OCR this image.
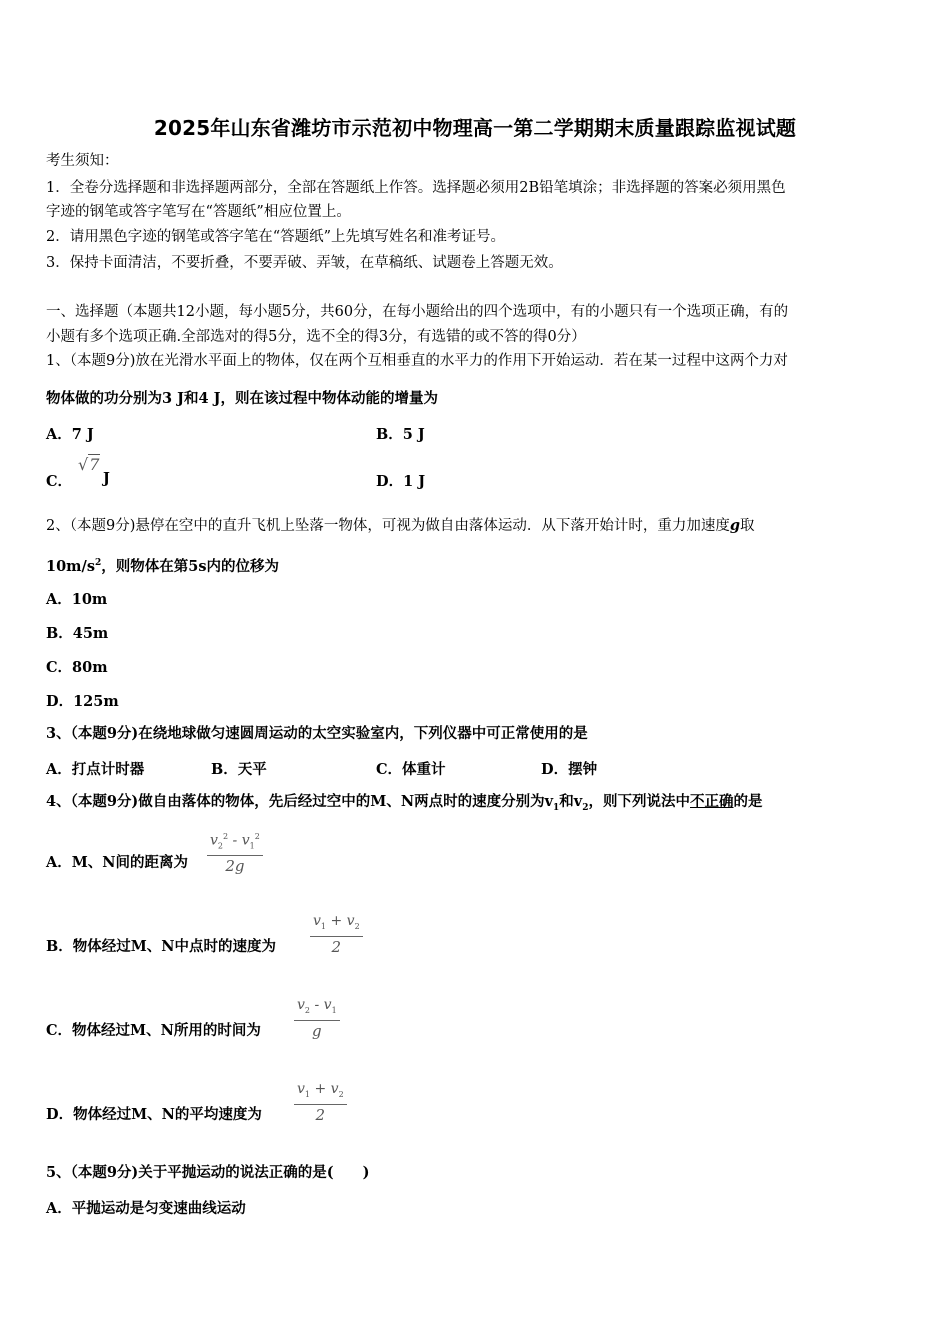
2025年山东省潍坊市示范初中物理高一第二学期期末质量跟踪监视试题
考生须知：
1．全卷分选择题和非选择题两部分，全部在答题纸上作答。选择题必须用2B铅笔填涂；非选择题的答案必须用黑色
字迹的钢笔或答字笔写在“答题纸”相应位置上。
2．请用黑色字迹的钢笔或答字笔在“答题纸”上先填写姓名和准考证号。
3．保持卡面清洁，不要折叠，不要弄破、弄皱，在草稿纸、试题卷上答题无效。
一、选择题（本题共12小题，每小题5分，共60分，在每小题给出的四个选项中，有的小题只有一个选项正确，有的
小题有多个选项正确.全部选对的得5分，选不全的得3分，有选错的或不答的得0分）
1、（本题9分)放在光滑水平面上的物体，仅在两个互相垂直的水平力的作用下开始运动．若在某一过程中这两个力对
物体做的功分别为3 J和4 J，则在该过程中物体动能的增量为
A．7 J	B．5 J
C．
√7
J	D．1 J
2、（本题9分)悬停在空中的直升飞机上坠落一物体，可视为做自由落体运动．从下落开始计时，重力加速度g取
$10m/s^2$，则物体在第5s内的位移为
A．10m
B．45m
C．80m
D．125m
3、（本题9分)在绕地球做匀速圆周运动的太空实验室内，下列仪器中可正常使用的是
A．打点计时器	B．天平	C．体重计	D．摆钟
4、（本题9分)做自由落体的物体，先后经过空中的M、N两点时的速度分别为$v_1$和$v_2$，则下列说法中不正确的是
A．M、N间的距离为 $\frac{v_2^2 - v_1^2}{2g}$
B．物体经过M、N中点时的速度为 $\frac{v_1 + v_2}{2}$
C．物体经过M、N所用的时间为 $\frac{v_2 - v_1}{g}$
D．物体经过M、N的平均速度为 $\frac{v_1 + v_2}{2}$
5、（本题9分)关于平抛运动的说法正确的是(　　)
A．平抛运动是匀变速曲线运动
